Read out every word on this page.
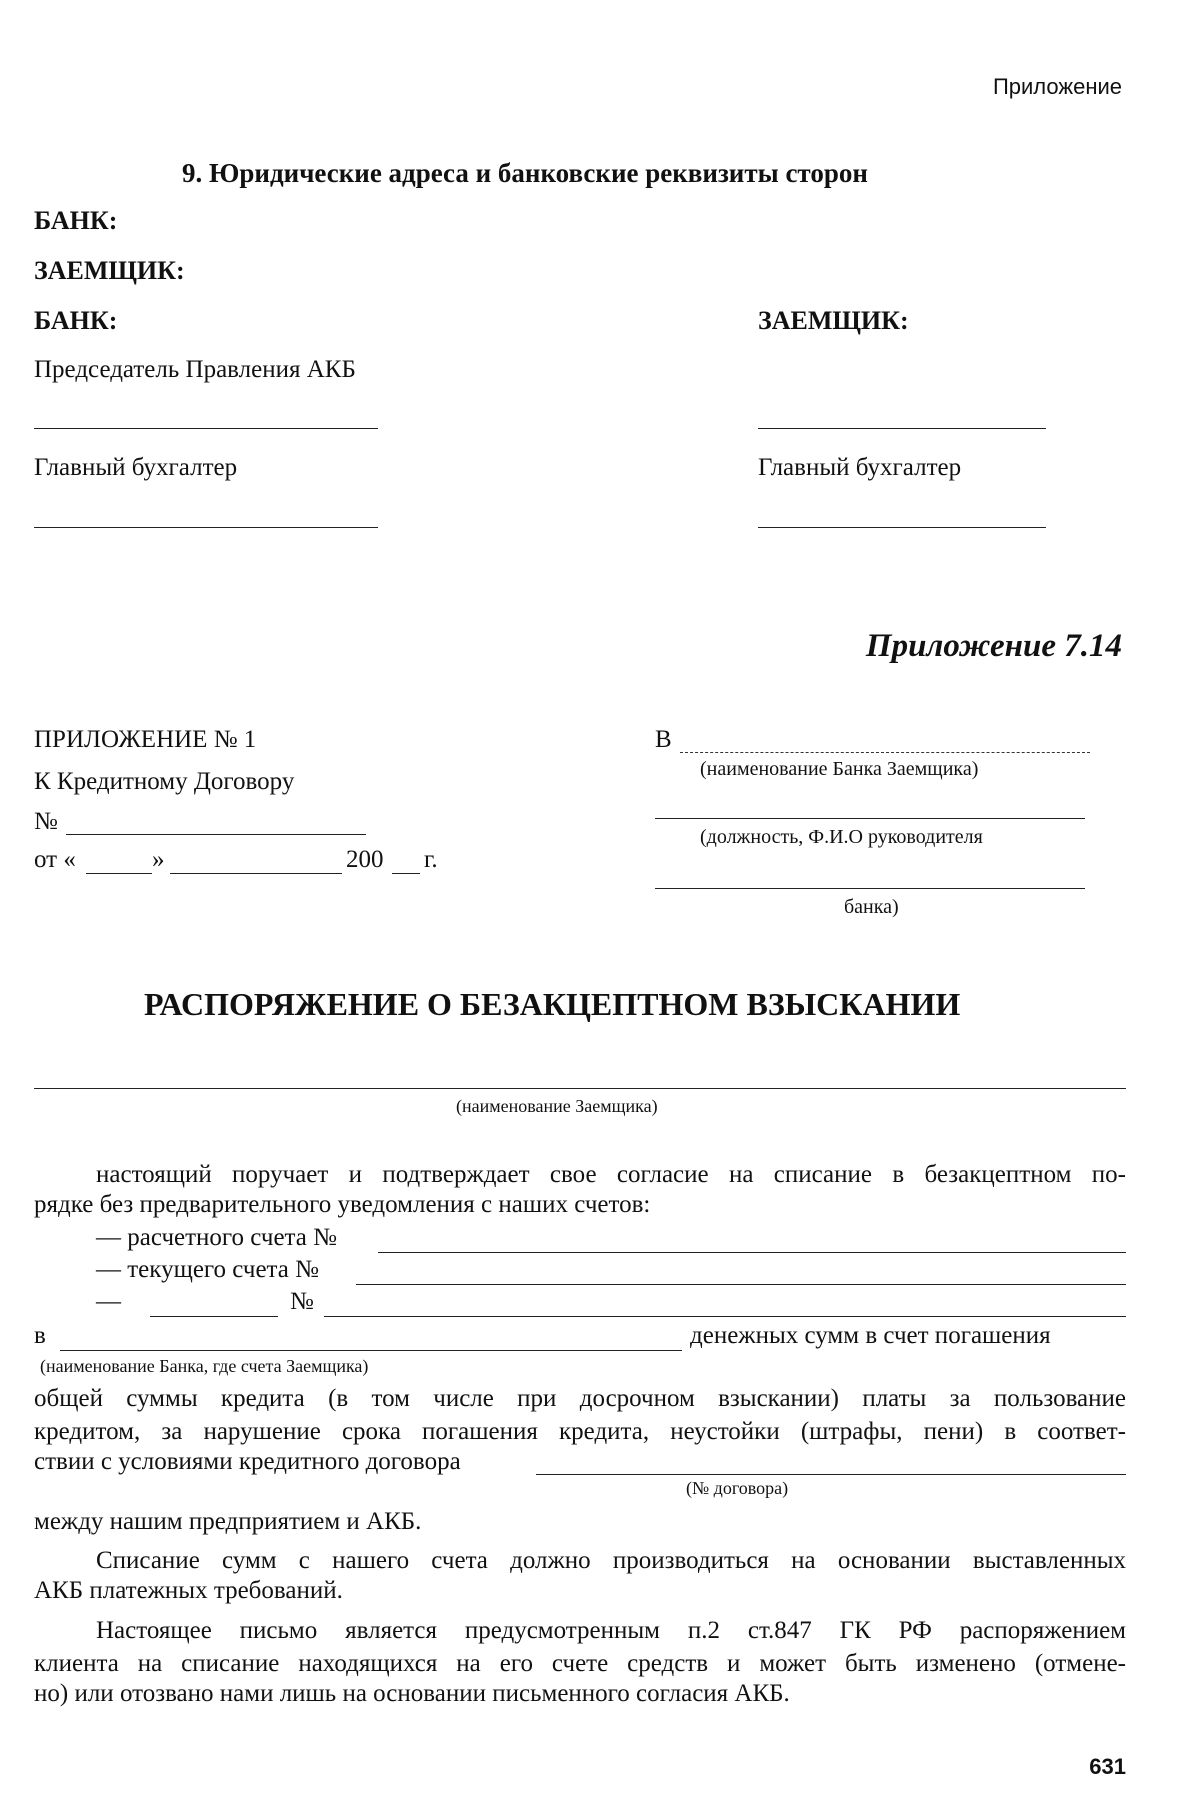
Приложение
9. Юридические адреса и банковские реквизиты сторон
БАНК:
ЗАЕМЩИК:
БАНК:	ЗАЕМЩИК:
Председатель Правления АКБ
Главный бухгалтер	Главный бухгалтер
Приложение 7.14
ПРИЛОЖЕНИЕ № 1
К Кредитному Договору
№
от «	»	200 г.
В
(наименование Банка Заемщика)
(должность, Ф.И.О руководителя
банка)
РАСПОРЯЖЕНИЕ О БЕЗАКЦЕПТНОМ ВЗЫСКАНИИ
(наименование Заемщика)
настоящий поручает и подтверждает свое согласие на списание в безакцептном по-
рядке без предварительного уведомления с наших счетов:
— расчетного счета №
— текущего счета №
—	№
в	денежных сумм в счет погашения
(наименование Банка, где счета Заемщика)
общей суммы кредита (в том числе при досрочном взыскании) платы за пользование
кредитом, за нарушение срока погашения кредита, неустойки (штрафы, пени) в соответ-
ствии с условиями кредитного договора
(№ договора)
между нашим предприятием и АКБ.
Списание сумм с нашего счета должно производиться на основании выставленных
АКБ платежных требований.
Настоящее письмо является предусмотренным п.2 ст.847 ГК РФ распоряжением
клиента на списание находящихся на его счете средств и может быть изменено (отмене-
но) или отозвано нами лишь на основании письменного согласия АКБ.
631
